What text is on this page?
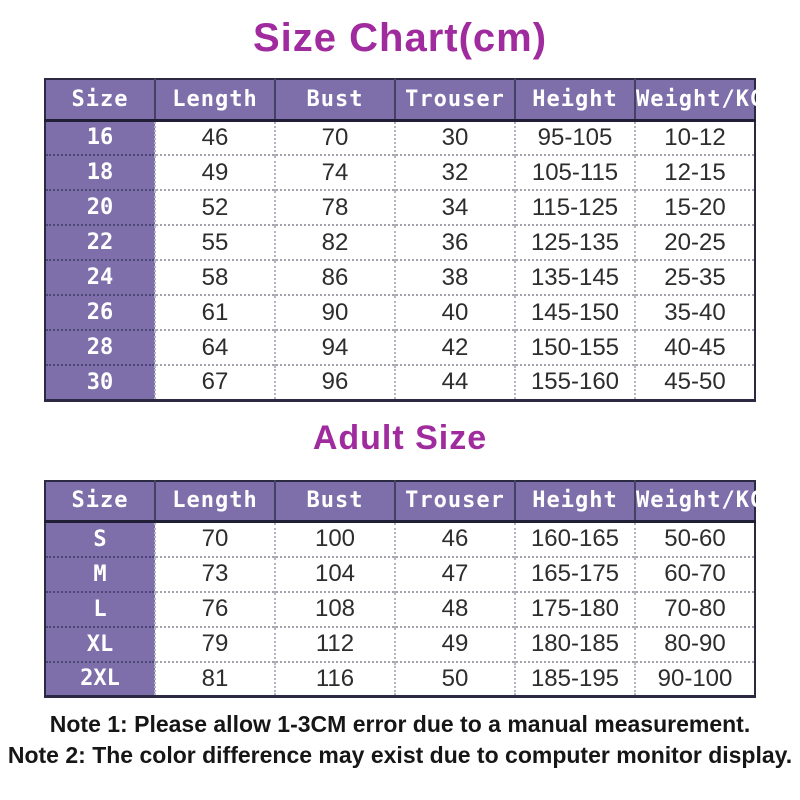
Size Chart(cm)
Size	Length	Bust	Trouser	Height	Weight/KG
16	46	70	30	95-105	10-12
18	49	74	32	105-115	12-15
20	52	78	34	115-125	15-20
22	55	82	36	125-135	20-25
24	58	86	38	135-145	25-35
26	61	90	40	145-150	35-40
28	64	94	42	150-155	40-45
30	67	96	44	155-160	45-50
Adult Size
Size	Length	Bust	Trouser	Height	Weight/KG
S	70	100	46	160-165	50-60
M	73	104	47	165-175	60-70
L	76	108	48	175-180	70-80
XL	79	112	49	180-185	80-90
2XL	81	116	50	185-195	90-100
Note 1: Please allow 1-3CM error due to a manual measurement.
Note 2: The color difference may exist due to computer monitor display.
